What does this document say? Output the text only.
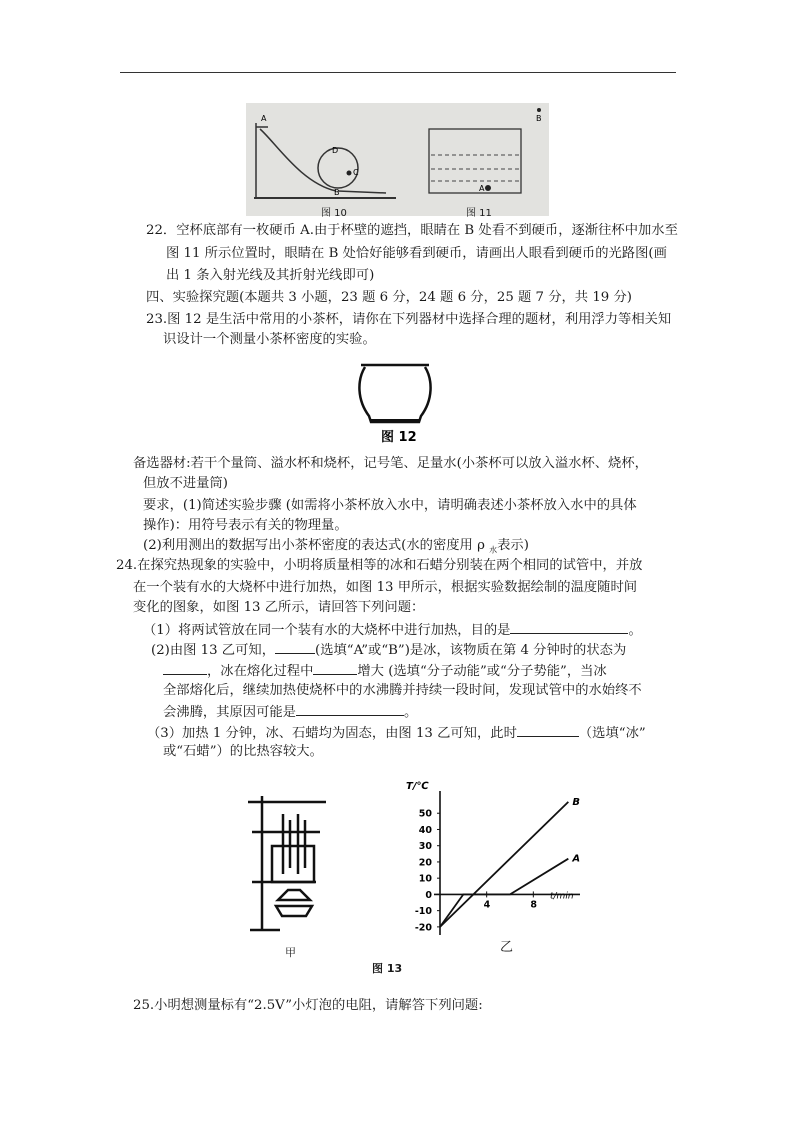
A
D
C
B	A
B
图 10	图 11
22．空杯底部有一枚硬币 A.由于杯壁的遮挡，眼睛在 B 处看不到硬币，逐渐往杯中加水至
图 11 所示位置时，眼睛在 B 处恰好能够看到硬币，请画出人眼看到硬币的光路图(画
出 1 条入射光线及其折射光线即可)
四、实验探究题(本题共 3 小题，23 题 6 分，24 题 6 分，25 题 7 分，共 19 分)
23.图 12 是生活中常用的小茶杯，请你在下列器材中选择合理的题材，利用浮力等相关知
识设计一个测量小茶杯密度的实验。
图 12
备选器材:若干个量筒、溢水杯和烧杯，记号笔、足量水(小茶杯可以放入溢水杯、烧杯，
但放不进量筒)
要求，(1)简述实验步骤 (如需将小茶杯放入水中，请明确表述小茶杯放入水中的具体
操作)：用符号表示有关的物理量。
(2)利用测出的数据写出小茶杯密度的表达式(水的密度用 ρ $_水$表示)
24.在探究热现象的实验中，小明将质量相等的冰和石蜡分别装在两个相同的试管中，并放
在一个装有水的大烧杯中进行加热，如图 13 甲所示，根据实验数据绘制的温度随时间
变化的图象，如图 13 乙所示，请回答下列问题：
（1）将两试管放在同一个装有水的大烧杯中进行加热，目的是	。
(2)由图 13 乙可知，	(选填“A”或“B”)是冰，该物质在第 4 分钟时的状态为
，冰在熔化过程中	增大 (选填“分子动能”或“分子势能”，当冰
全部熔化后，继续加热使烧杯中的水沸腾并持续一段时间，发现试管中的水始终不
会沸腾，其原因可能是	。
（3）加热 1 分钟，冰、石蜡均为固态，由图 13 乙可知，此时	（选填“冰”
或“石蜡”）的比热容较大。
甲
T/℃
t/min
50
40
30
20
10
0
-10
-20
4	8
B
A
乙
图 13
25.小明想测量标有“2.5V”小灯泡的电阻，请解答下列问题:
